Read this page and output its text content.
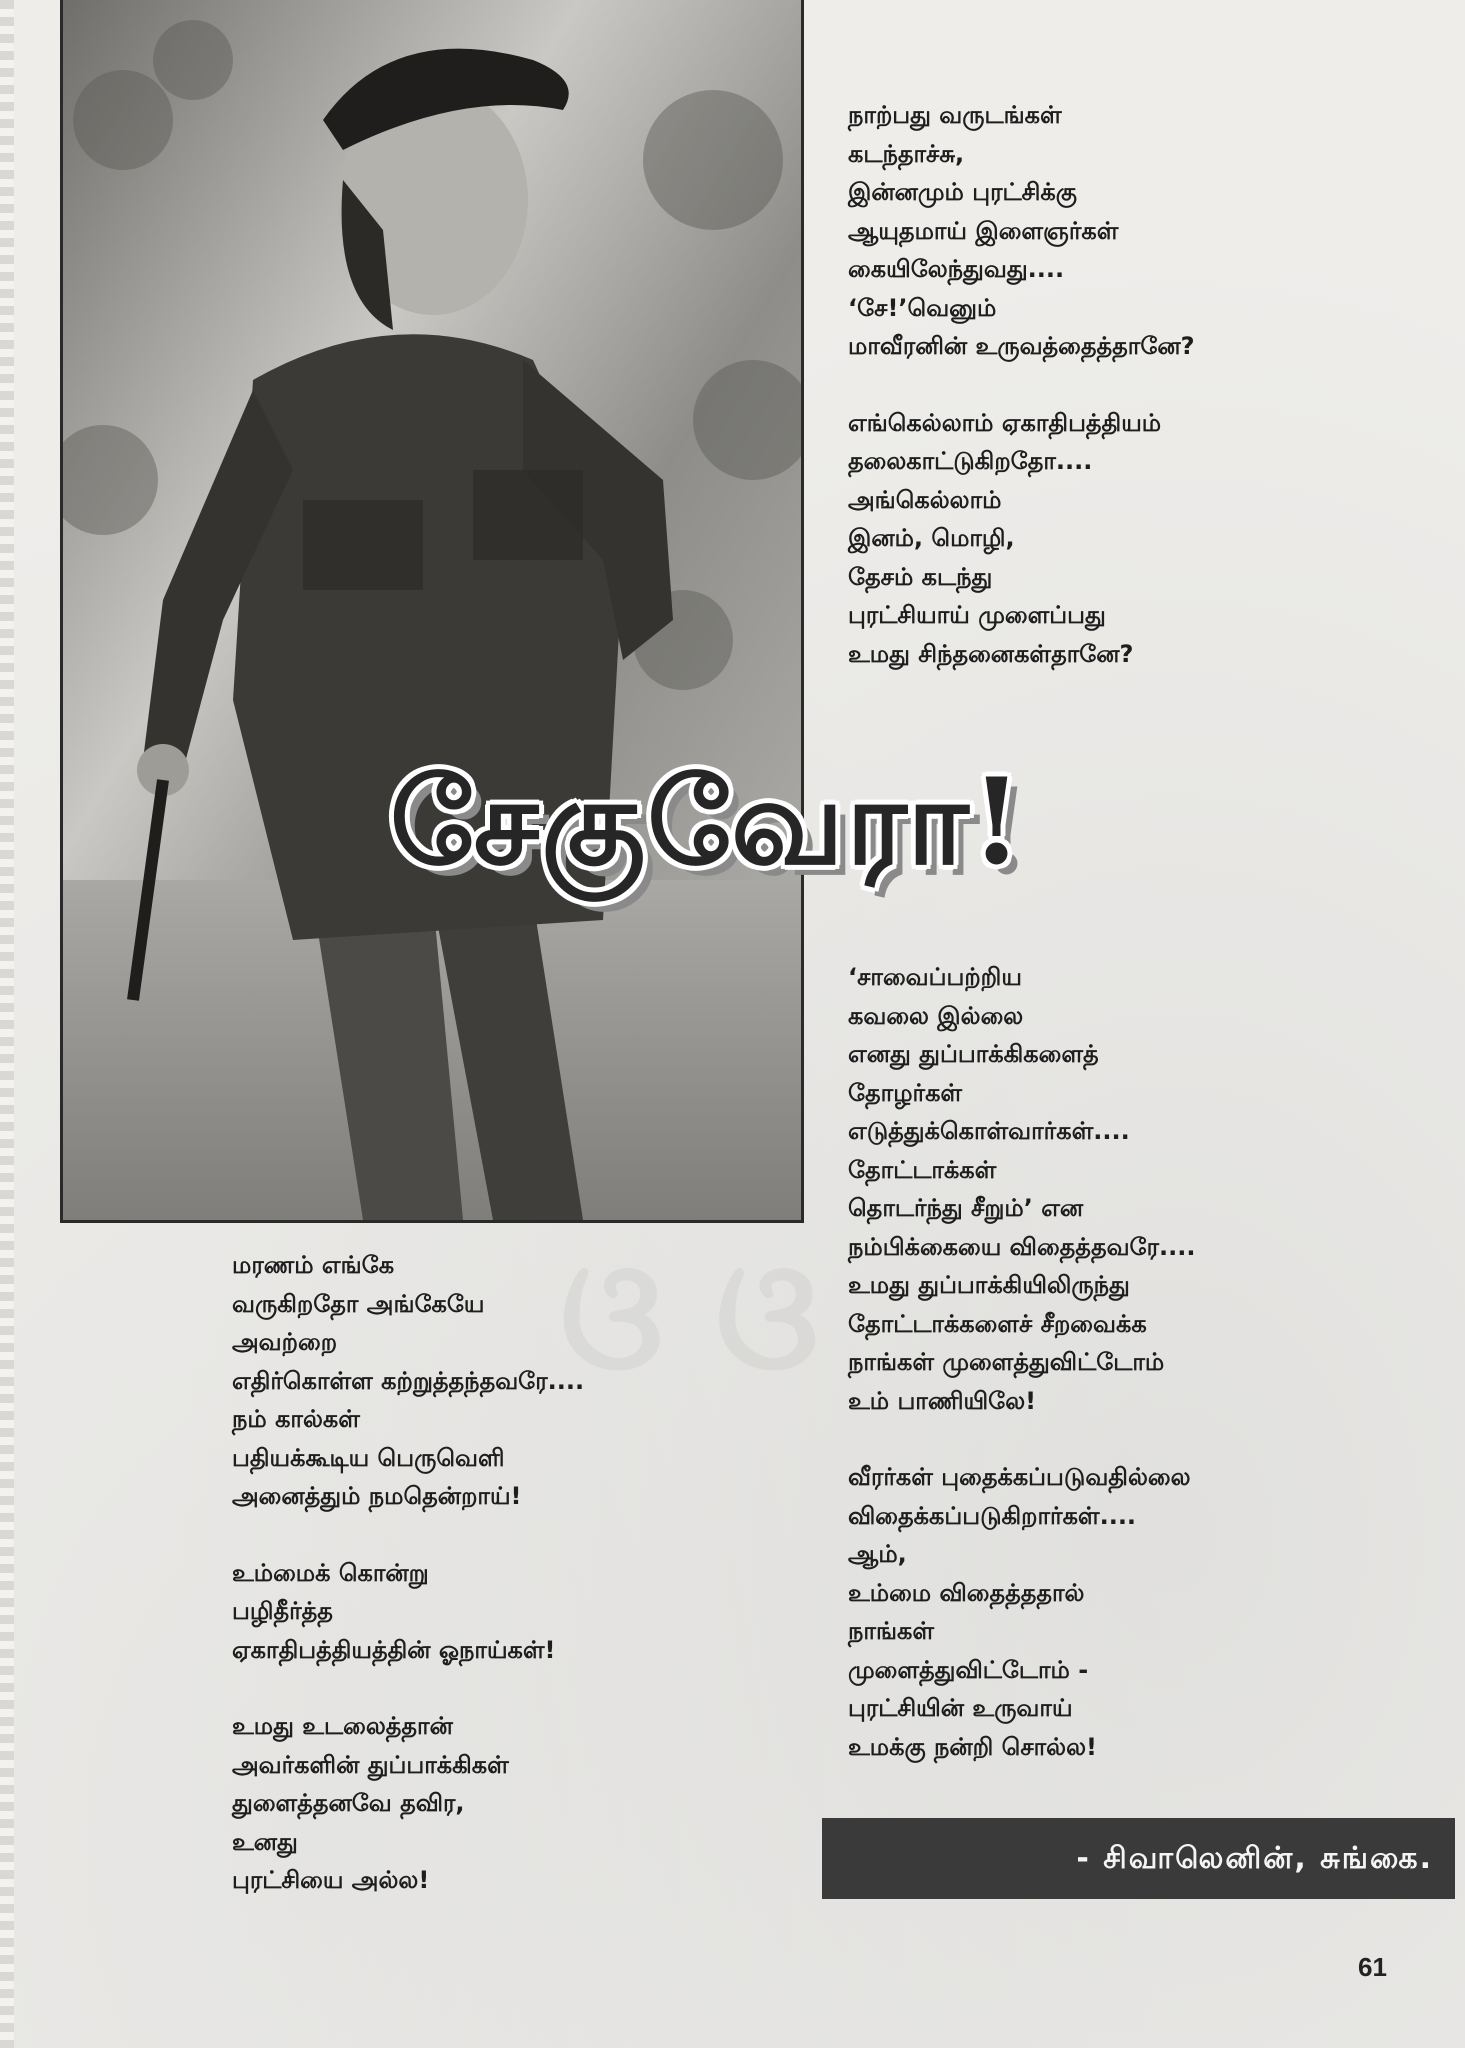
ଓ ଓ
நாற்பது வருடங்கள்
கடந்தாச்சு,
இன்னமும் புரட்சிக்கு
ஆயுதமாய் இளைஞர்கள்
கையிலேந்துவது....
‘சே!’வெனும்
மாவீரனின் உருவத்தைத்தானே?
எங்கெல்லாம் ஏகாதிபத்தியம்
தலைகாட்டுகிறதோ....
அங்கெல்லாம்
இனம், மொழி,
தேசம் கடந்து
புரட்சியாய் முளைப்பது
உமது சிந்தனைகள்தானே?
சேகுவேரா!
‘சாவைப்பற்றிய
கவலை இல்லை
எனது துப்பாக்கிகளைத்
தோழர்கள்
எடுத்துக்கொள்வார்கள்....
தோட்டாக்கள்
தொடர்ந்து சீறும்’ என
நம்பிக்கையை விதைத்தவரே....
உமது துப்பாக்கியிலிருந்து
தோட்டாக்களைச் சீறவைக்க
நாங்கள் முளைத்துவிட்டோம்
உம் பாணியிலே!
வீரர்கள் புதைக்கப்படுவதில்லை
விதைக்கப்படுகிறார்கள்....
ஆம்,
உம்மை விதைத்ததால்
நாங்கள்
முளைத்துவிட்டோம் -
புரட்சியின் உருவாய்
உமக்கு நன்றி சொல்ல!
மரணம் எங்கே
வருகிறதோ அங்கேயே
அவற்றை
எதிர்கொள்ள கற்றுத்தந்தவரே....
நம் கால்கள்
பதியக்கூடிய பெருவெளி
அனைத்தும் நமதென்றாய்!
உம்மைக் கொன்று
பழிதீர்த்த
ஏகாதிபத்தியத்தின் ஓநாய்கள்!
உமது உடலைத்தான்
அவர்களின் துப்பாக்கிகள்
துளைத்தனவே தவிர,
உனது
புரட்சியை அல்ல!
- சிவாலெனின், சுங்கை.
61
